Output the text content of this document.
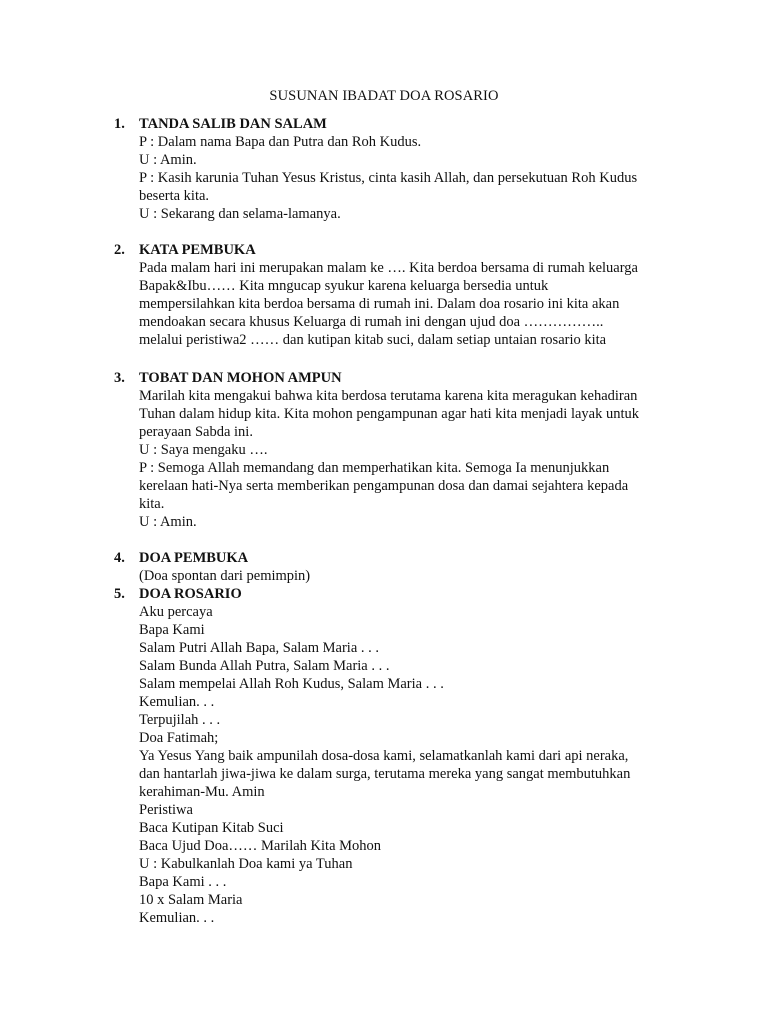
SUSUNAN IBADAT DOA ROSARIO
1. TANDA SALIB DAN SALAM
P : Dalam nama Bapa dan Putra dan Roh Kudus.
U : Amin.
P : Kasih karunia Tuhan Yesus Kristus, cinta kasih Allah, dan persekutuan Roh Kudus
beserta kita.
U : Sekarang dan selama-lamanya.
2. KATA PEMBUKA
Pada malam hari ini merupakan malam ke …. Kita berdoa bersama di rumah keluarga
Bapak&Ibu…… Kita mngucap syukur karena keluarga bersedia untuk
mempersilahkan kita berdoa bersama di rumah ini. Dalam doa rosario ini kita akan
mendoakan secara khusus Keluarga di rumah ini dengan ujud doa ……………..
melalui peristiwa2 …… dan kutipan kitab suci, dalam setiap untaian rosario kita
3. TOBAT DAN MOHON AMPUN
Marilah kita mengakui bahwa kita berdosa terutama karena kita meragukan kehadiran
Tuhan dalam hidup kita. Kita mohon pengampunan agar hati kita menjadi layak untuk
perayaan Sabda ini.
U : Saya mengaku ….
P : Semoga Allah memandang dan memperhatikan kita. Semoga Ia menunjukkan
kerelaan hati-Nya serta memberikan pengampunan dosa dan damai sejahtera kepada
kita.
U : Amin.
4. DOA PEMBUKA
(Doa spontan dari pemimpin)
5. DOA ROSARIO
Aku percaya
Bapa Kami
Salam Putri Allah Bapa, Salam Maria . . .
Salam Bunda Allah Putra, Salam Maria . . .
Salam mempelai Allah Roh Kudus, Salam Maria . . .
Kemulian. . .
Terpujilah . . .
Doa Fatimah;
Ya Yesus Yang baik ampunilah dosa-dosa kami, selamatkanlah kami dari api neraka,
dan hantarlah jiwa-jiwa ke dalam surga, terutama mereka yang sangat membutuhkan
kerahiman-Mu. Amin
Peristiwa
Baca Kutipan Kitab Suci
Baca Ujud Doa…… Marilah Kita Mohon
U : Kabulkanlah Doa kami ya Tuhan
Bapa Kami . . .
10 x Salam Maria
Kemulian. . .
